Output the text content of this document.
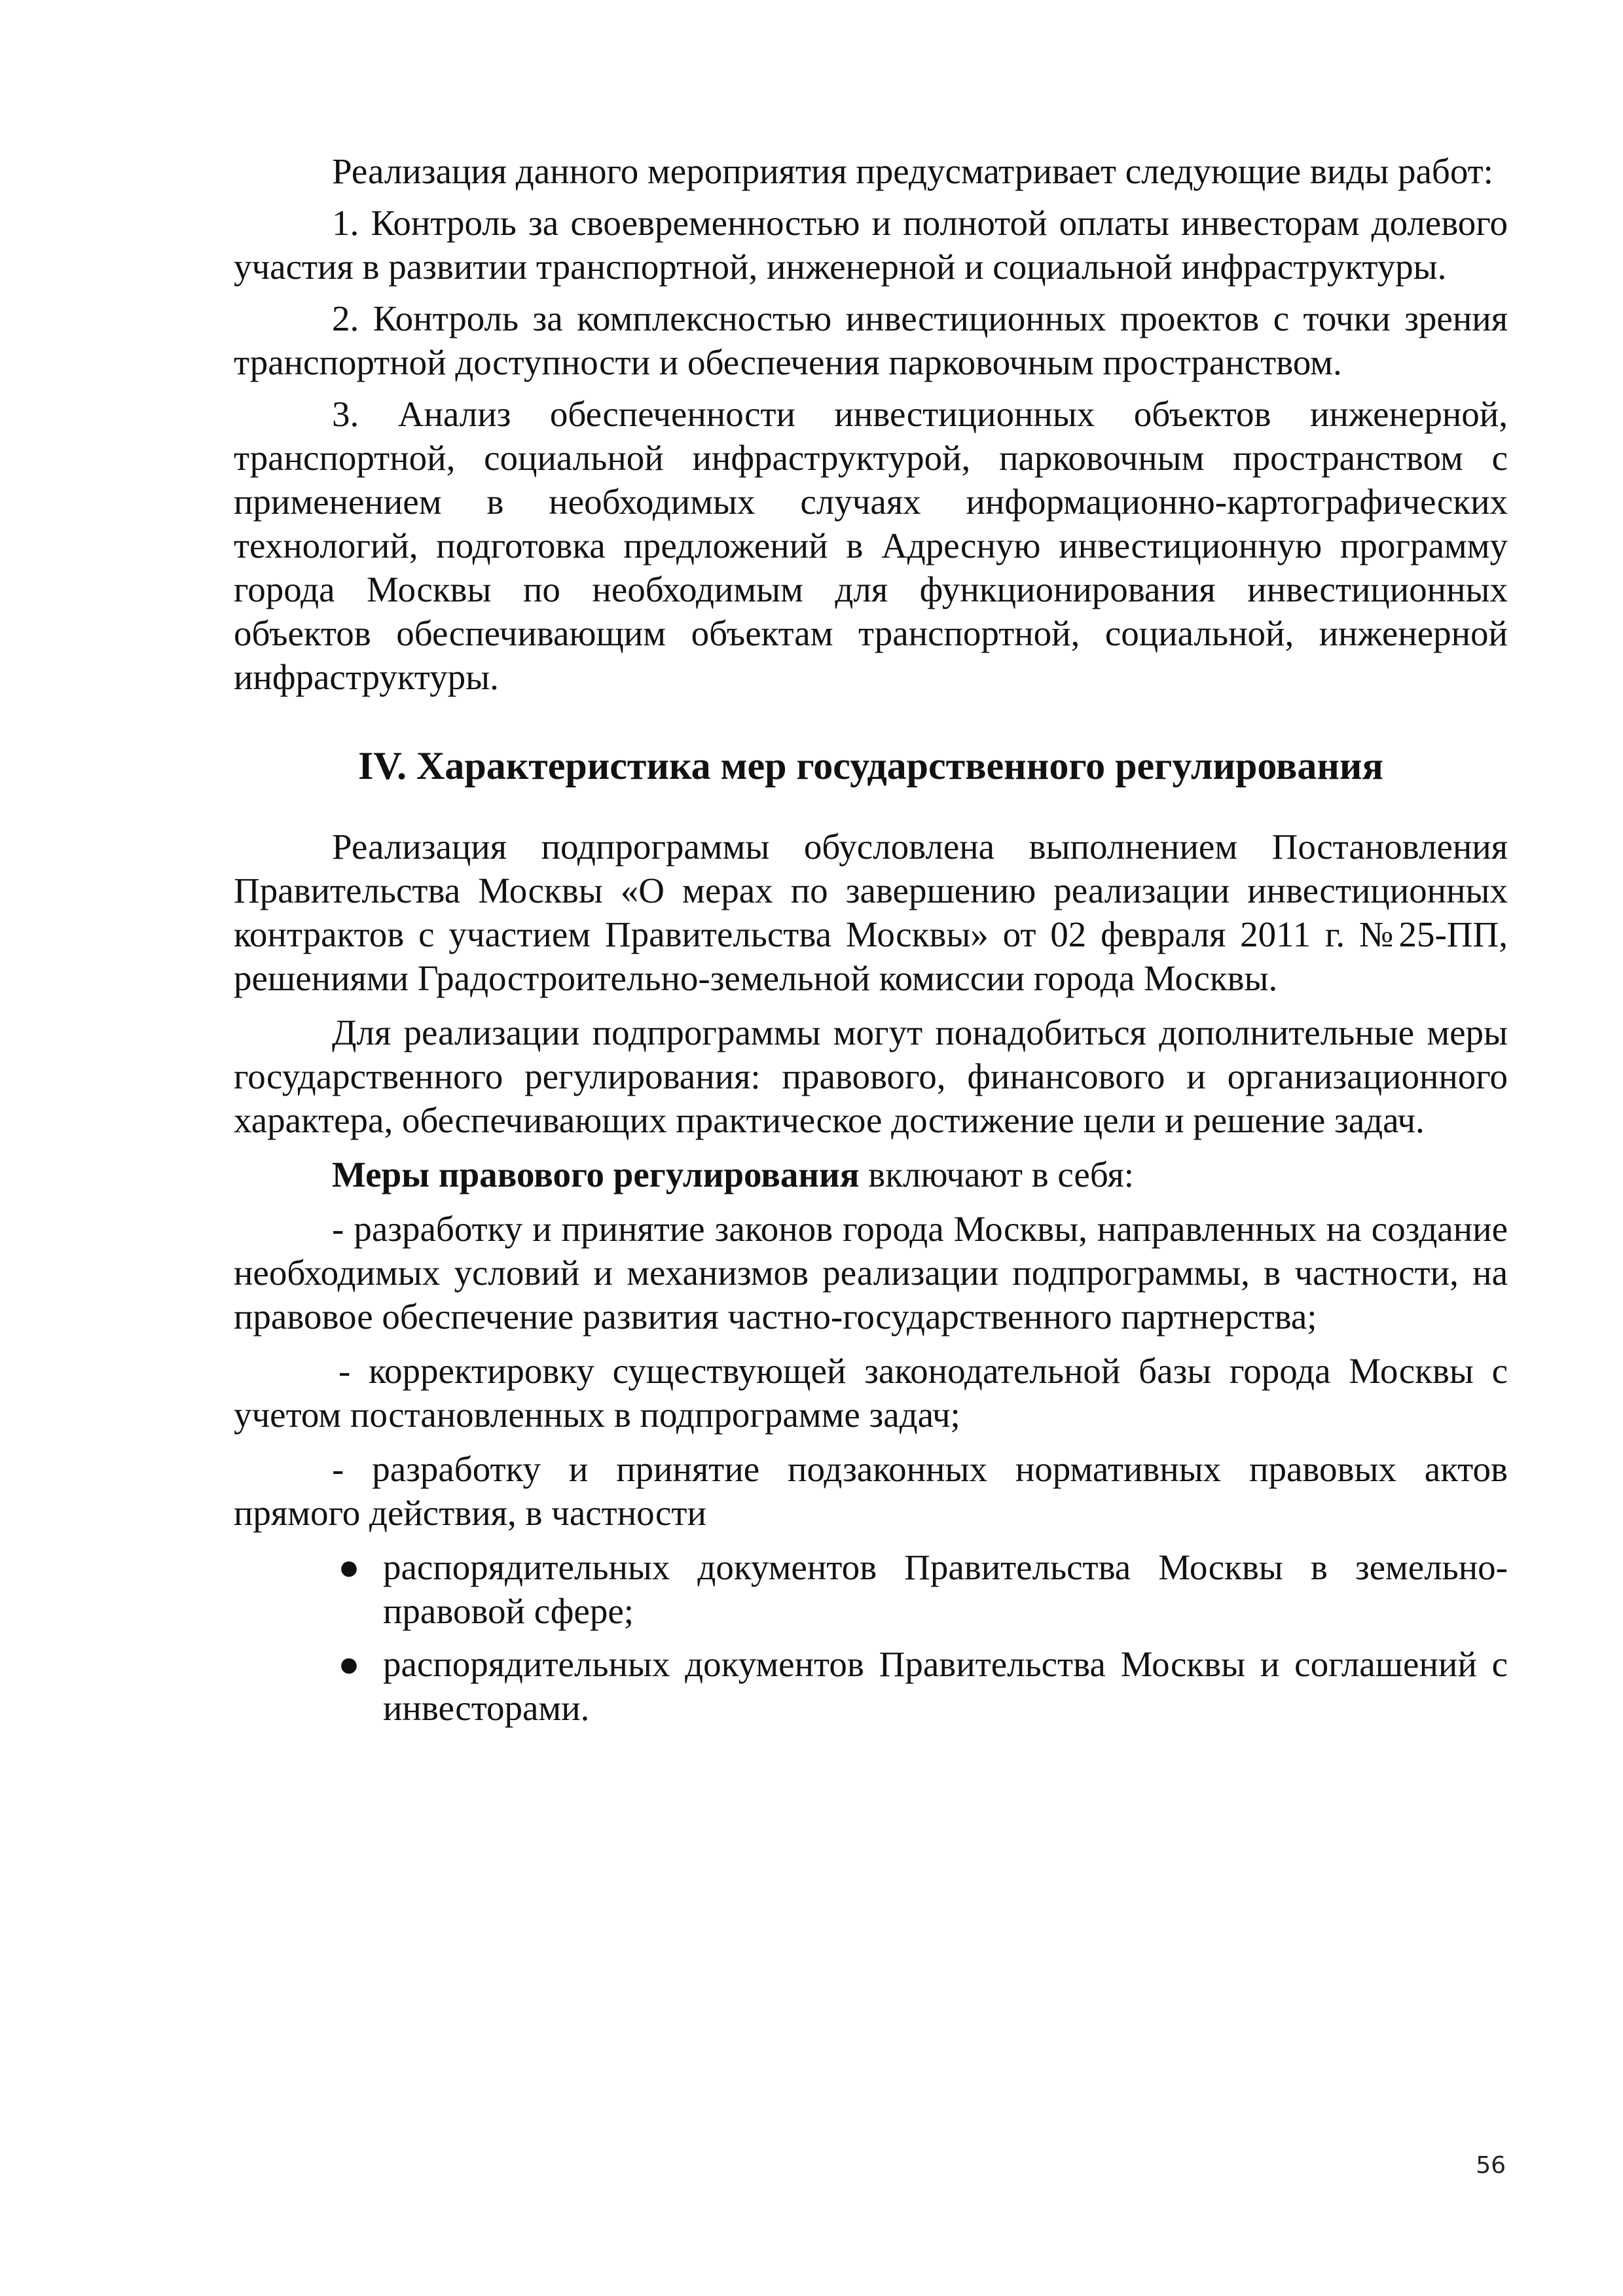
Реализация данного мероприятия предусматривает следующие виды работ:

1. Контроль за своевременностью и полнотой оплаты инвесторам долевого участия в развитии транспортной, инженерной и социальной инфраструктуры.

2. Контроль за комплексностью инвестиционных проектов с точки зрения транспортной доступности и обеспечения парковочным пространством.

3. Анализ обеспеченности инвестиционных объектов инженерной, транспортной, социальной инфраструктурой, парковочным пространством с применением в необходимых случаях информационно-картографических технологий, подготовка предложений в Адресную инвестиционную программу города Москвы по необходимым для функционирования инвестиционных объектов обеспечивающим объектам транспортной, социальной, инженерной инфраструктуры.

IV. Характеристика мер государственного регулирования

Реализация подпрограммы обусловлена выполнением Постановления Правительства Москвы «О мерах по завершению реализации инвестиционных контрактов с участием Правительства Москвы» от 02 февраля 2011 г. №25-ПП, решениями Градостроительно-земельной комиссии города Москвы.

Для реализации подпрограммы могут понадобиться дополнительные меры государственного регулирования: правового, финансового и организационного характера, обеспечивающих практическое достижение цели и решение задач.

Меры правового регулирования включают в себя:

- разработку и принятие законов города Москвы, направленных на создание необходимых условий и механизмов реализации подпрограммы, в частности, на правовое обеспечение развития частно-государственного партнерства;

- корректировку существующей законодательной базы города Москвы с учетом постановленных в подпрограмме задач;

- разработку и принятие подзаконных нормативных правовых актов прямого действия, в частности

● распорядительных документов Правительства Москвы в земельно-правовой сфере;
● распорядительных документов Правительства Москвы и соглашений с инвесторами.
56
